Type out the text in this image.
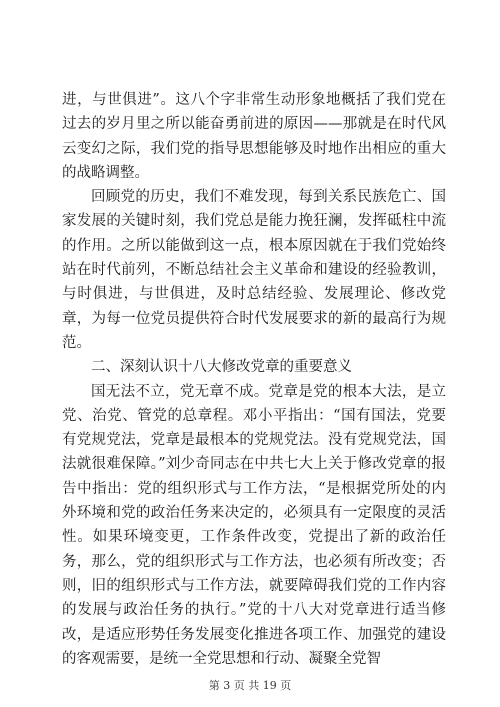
进，与世俱进”。这八个字非常生动形象地概括了我们党在过去的岁月里之所以能奋勇前进的原因——那就是在时代风云变幻之际，我们党的指导思想能够及时地作出相应的重大的战略调整。

回顾党的历史，我们不难发现，每到关系民族危亡、国家发展的关键时刻，我们党总是能力挽狂澜，发挥砥柱中流的作用。之所以能做到这一点，根本原因就在于我们党始终站在时代前列，不断总结社会主义革命和建设的经验教训，与时俱进，与世俱进，及时总结经验、发展理论、修改党章，为每一位党员提供符合时代发展要求的新的最高行为规范。

二、深刻认识十八大修改党章的重要意义

国无法不立，党无章不成。党章是党的根本大法，是立党、治党、管党的总章程。邓小平指出：“国有国法，党要有党规党法，党章是最根本的党规党法。没有党规党法，国法就很难保障。”刘少奇同志在中共七大上关于修改党章的报告中指出：党的组织形式与工作方法，“是根据党所处的内外环境和党的政治任务来决定的，必须具有一定限度的灵活性。如果环境变更，工作条件改变，党提出了新的政治任务，那么，党的组织形式与工作方法，也必须有所改变；否则，旧的组织形式与工作方法，就要障碍我们党的工作内容的发展与政治任务的执行。”党的十八大对党章进行适当修改，是适应形势任务发展变化推进各项工作、加强党的建设的客观需要，是统一全党思想和行动、凝聚全党智

第 3 页 共 19 页
